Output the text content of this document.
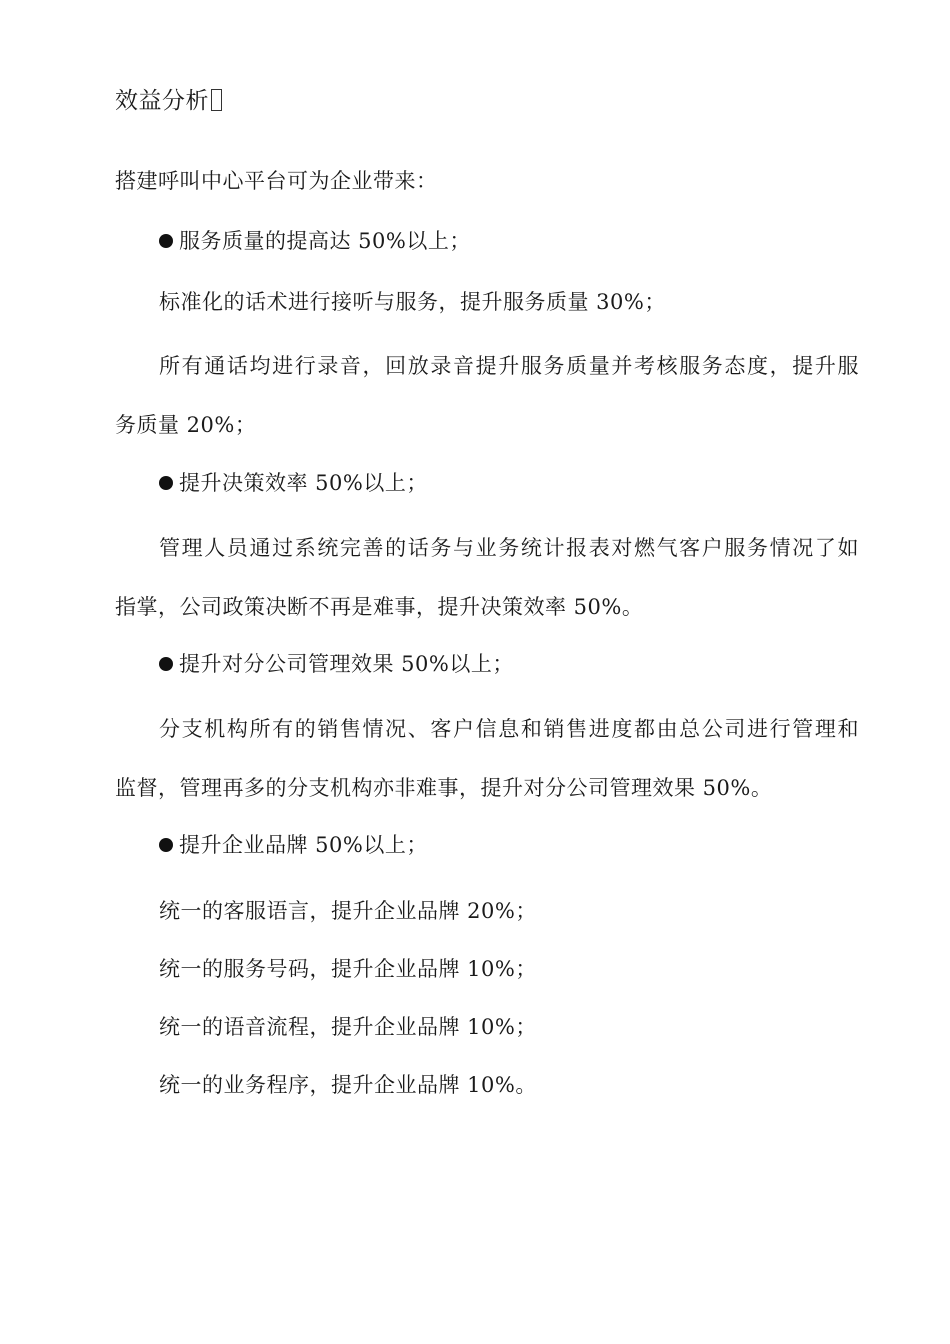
效益分析
搭建呼叫中心平台可为企业带来：
服务质量的提高达 50%以上；
标准化的话术进行接听与服务，提升服务质量 30%；
所有通话均进行录音，回放录音提升服务质量并考核服务态度，提升服
务质量 20%；
提升决策效率 50%以上；
管理人员通过系统完善的话务与业务统计报表对燃气客户服务情况了如
指掌，公司政策决断不再是难事，提升决策效率 50%。
提升对分公司管理效果 50%以上；
分支机构所有的销售情况、客户信息和销售进度都由总公司进行管理和
监督，管理再多的分支机构亦非难事，提升对分公司管理效果 50%。
提升企业品牌 50%以上；
统一的客服语言，提升企业品牌 20%；
统一的服务号码，提升企业品牌 10%；
统一的语音流程，提升企业品牌 10%；
统一的业务程序，提升企业品牌 10%。
